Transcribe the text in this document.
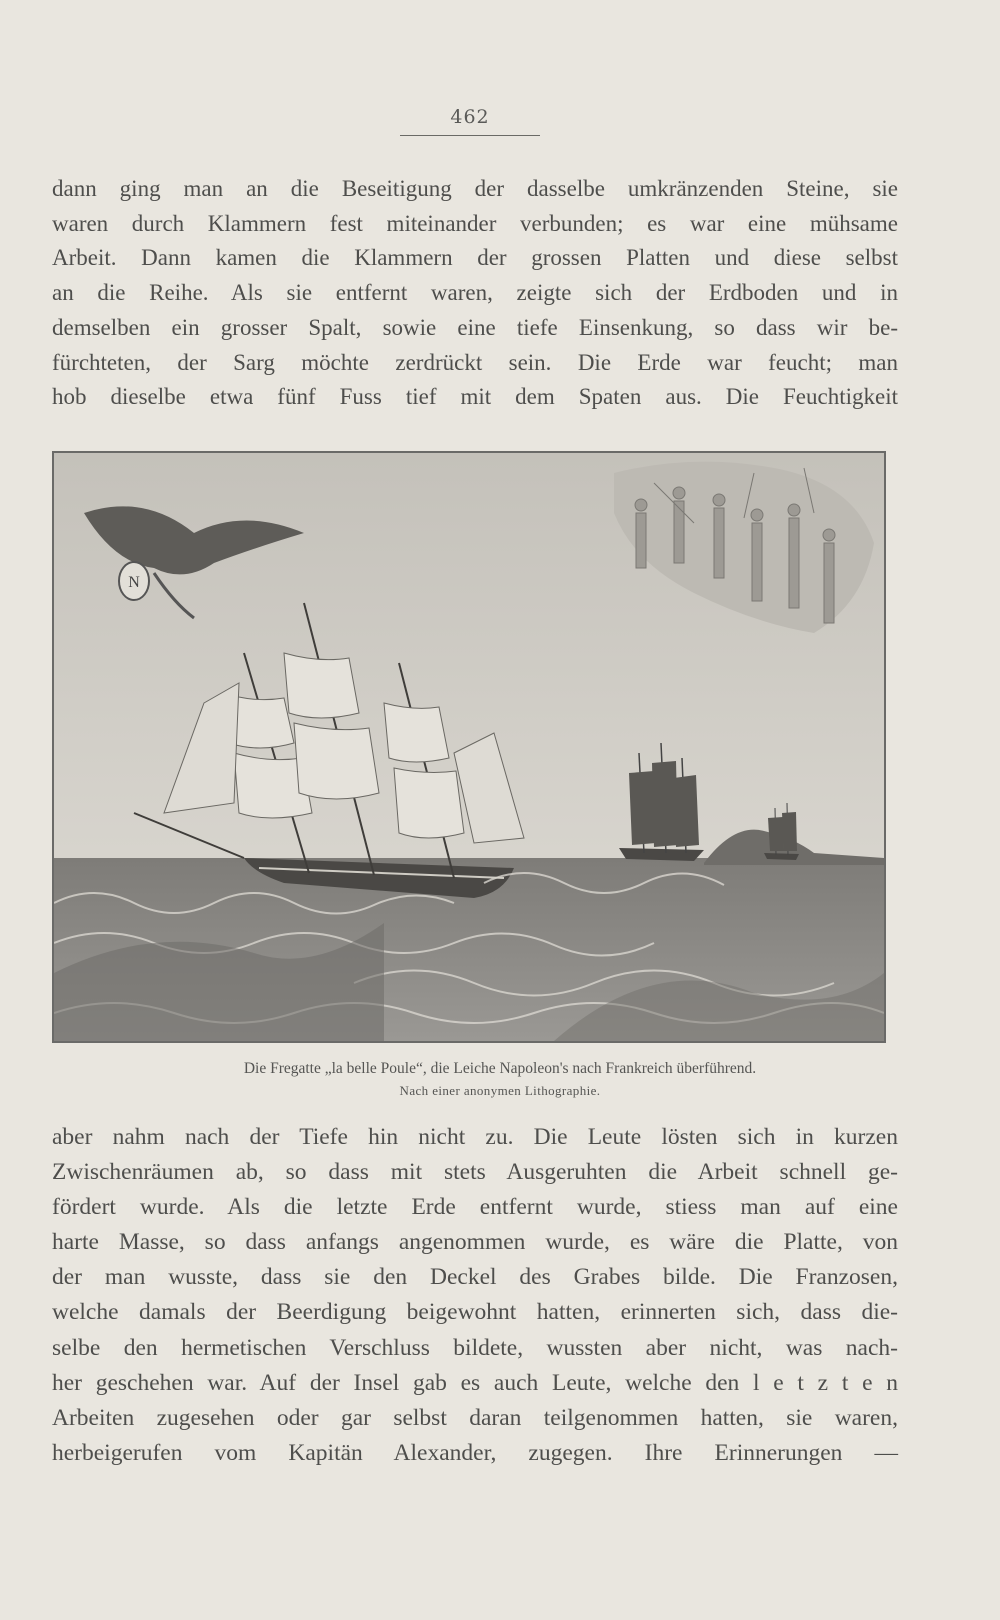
462

dann ging man an die Beseitigung der dasselbe umkränzenden Steine, sie
waren durch Klammern fest miteinander verbunden; es war eine mühsame
Arbeit. Dann kamen die Klammern der grossen Platten und diese selbst
an die Reihe. Als sie entfernt waren, zeigte sich der Erdboden und in
demselben ein grosser Spalt, sowie eine tiefe Einsenkung, so dass wir be-
fürchteten, der Sarg möchte zerdrückt sein. Die Erde war feucht; man
hob dieselbe etwa fünf Fuss tief mit dem Spaten aus. Die Feuchtigkeit

N
Die Fregatte „la belle Poule“, die Leiche Napoleon's nach Frankreich überführend.
Nach einer anonymen Lithographie.

aber nahm nach der Tiefe hin nicht zu. Die Leute lösten sich in kurzen
Zwischenräumen ab, so dass mit stets Ausgeruhten die Arbeit schnell ge-
fördert wurde. Als die letzte Erde entfernt wurde, stiess man auf eine
harte Masse, so dass anfangs angenommen wurde, es wäre die Platte, von
der man wusste, dass sie den Deckel des Grabes bilde. Die Franzosen,
welche damals der Beerdigung beigewohnt hatten, erinnerten sich, dass die-
selbe den hermetischen Verschluss bildete, wussten aber nicht, was nach-
her geschehen war. Auf der Insel gab es auch Leute, welche den l e t z t e n
Arbeiten zugesehen oder gar selbst daran teilgenommen hatten, sie waren,
herbeigerufen vom Kapitän Alexander, zugegen. Ihre Erinnerungen —
